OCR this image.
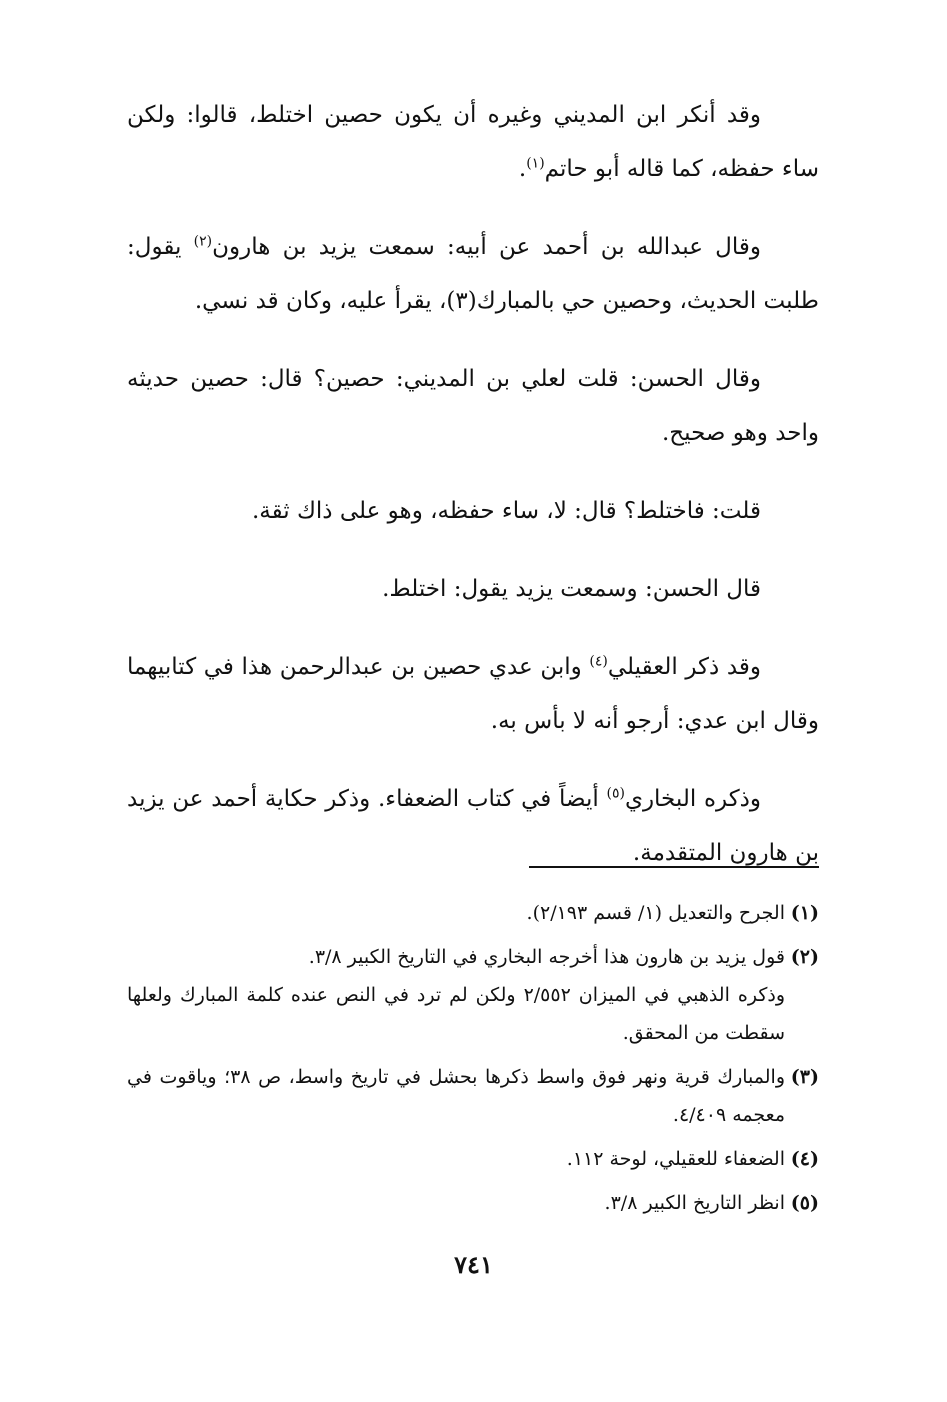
وقد أنكر ابن المديني وغيره أن يكون حصين اختلط، قالوا: ولكن ساء حفظه، كما قاله أبو حاتم$^{(١)}$.

وقال عبدالله بن أحمد عن أبيه: سمعت يزيد بن هارون$^{(٢)}$ يقول: طلبت الحديث، وحصين حي بالمبارك(٣)، يقرأ عليه، وكان قد نسي.

وقال الحسن: قلت لعلي بن المديني: حصين؟ قال: حصين حديثه واحد وهو صحيح.

قلت: فاختلط؟ قال: لا، ساء حفظه، وهو على ذاك ثقة.

قال الحسن: وسمعت يزيد يقول: اختلط.

وقد ذكر العقيلي$^{(٤)}$ وابن عدي حصين بن عبدالرحمن هذا في كتابيهما وقال ابن عدي: أرجو أنه لا بأس به.

وذكره البخاري$^{(٥)}$ أيضاً في كتاب الضعفاء. وذكر حكاية أحمد عن يزيد بن هارون المتقدمة.

(١)
الجرح والتعديل (١/ قسم ٢/١٩٣).
(٢)
قول يزيد بن هارون هذا أخرجه البخاري في التاريخ الكبير ٣/٨.
وذكره الذهبي في الميزان ٢/٥٥٢ ولكن لم ترد في النص عنده كلمة المبارك ولعلها سقطت من المحقق.
(٣)
والمبارك قرية ونهر فوق واسط ذكرها بحشل في تاريخ واسط، ص ٣٨؛ وياقوت في معجمه ٤/٤٠٩.
(٤)
الضعفاء للعقيلي، لوحة ١١٢.
(٥)
انظر التاريخ الكبير ٣/٨.
٧٤١
